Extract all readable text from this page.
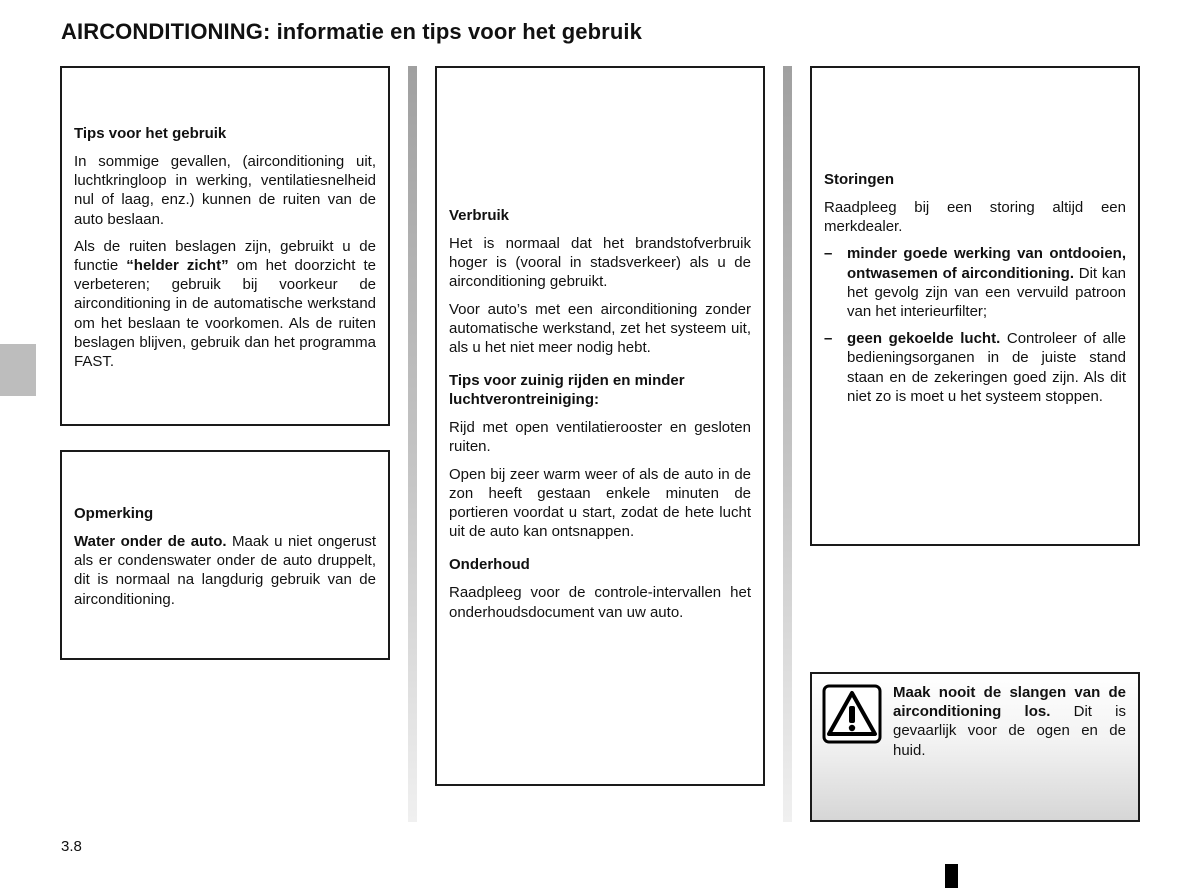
AIRCONDITIONING: informatie en tips voor het gebruik

Tips voor het gebruik

In sommige gevallen, (airconditioning uit, luchtkringloop in werking, ventilatiesnelheid nul of laag, enz.) kunnen de ruiten van de auto beslaan.

Als de ruiten beslagen zijn, gebruikt u de functie “helder zicht” om het doorzicht te verbeteren; gebruik bij voorkeur de airconditioning in de automatische werkstand om het beslaan te voorkomen. Als de ruiten beslagen blijven, gebruik dan het programma FAST.

Opmerking

Water onder de auto. Maak u niet ongerust als er condenswater onder de auto druppelt, dit is normaal na langdurig gebruik van de airconditioning.

Verbruik

Het is normaal dat het brandstofverbruik hoger is (vooral in stadsverkeer) als u de airconditioning gebruikt.

Voor auto’s met een airconditioning zonder automatische werkstand, zet het systeem uit, als u het niet meer nodig hebt.

Tips voor zuinig rijden en minder luchtverontreiniging:

Rijd met open ventilatierooster en gesloten ruiten.

Open bij zeer warm weer of als de auto in de zon heeft gestaan enkele minuten de portieren voordat u start, zodat de hete lucht uit de auto kan ontsnappen.

Onderhoud

Raadpleeg voor de controle-intervallen het onderhoudsdocument van uw auto.

Storingen

Raadpleeg bij een storing altijd een merkdealer.

– minder goede werking van ontdooien, ontwasemen of airconditioning. Dit kan het gevolg zijn van een vervuild patroon van het interieurfilter;
– geen gekoelde lucht. Controleer of alle bedieningsorganen in de juiste stand staan en de zekeringen goed zijn. Als dit niet zo is moet u het systeem stoppen.
Maak nooit de slangen van de airconditioning los. Dit is gevaarlijk voor de ogen en de huid.
3.8
